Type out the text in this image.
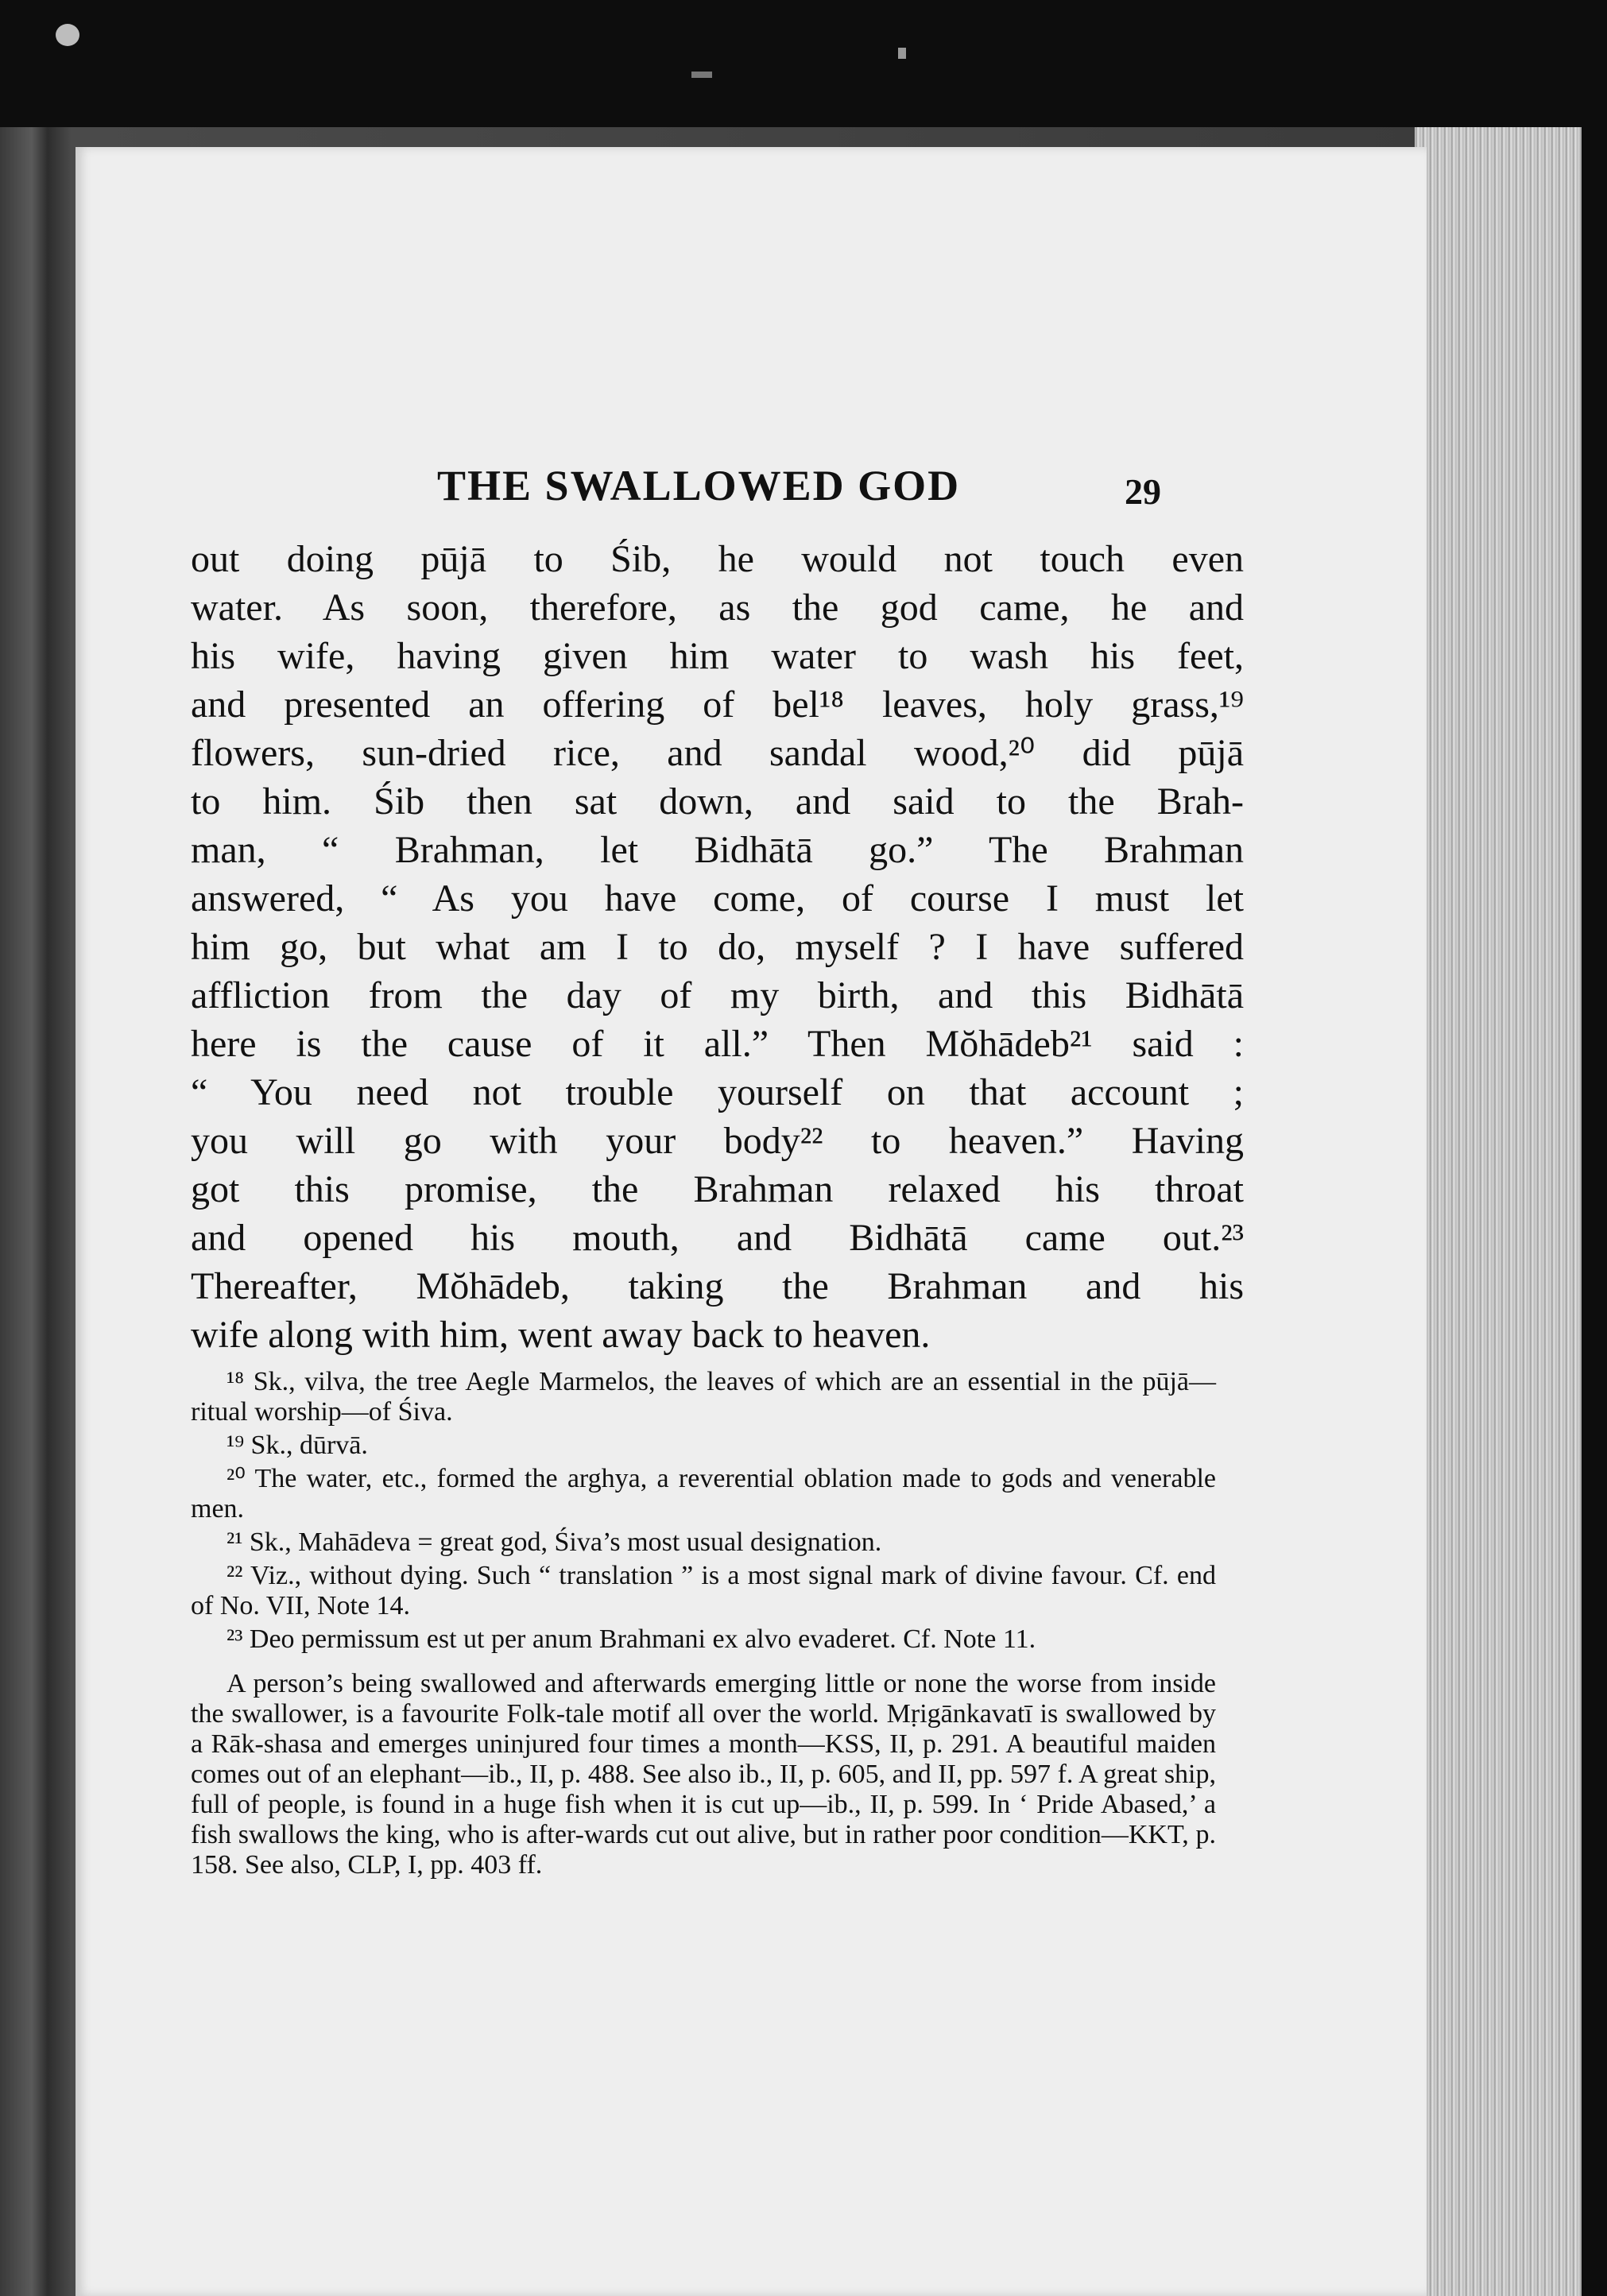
THE SWALLOWED GOD	29
out doing pūjā to Śib, he would not touch even
water. As soon, therefore, as the god came, he and
his wife, having given him water to wash his feet,
and presented an offering of bel¹⁸ leaves, holy grass,¹⁹
flowers, sun-dried rice, and sandal wood,²⁰ did pūjā
to him. Śib then sat down, and said to the Brah-
man, “ Brahman, let Bidhātā go.” The Brahman
answered, “ As you have come, of course I must let
him go, but what am I to do, myself ? I have suffered
affliction from the day of my birth, and this Bidhātā
here is the cause of it all.” Then Mŏhādeb²¹ said :
“ You need not trouble yourself on that account ;
you will go with your body²² to heaven.” Having
got this promise, the Brahman relaxed his throat
and opened his mouth, and Bidhātā came out.²³
Thereafter, Mŏhādeb, taking the Brahman and his
wife along with him, went away back to heaven.

¹⁸ Sk., vilva, the tree Aegle Marmelos, the leaves of which are an essential in the pūjā—ritual worship—of Śiva.

¹⁹ Sk., dūrvā.

²⁰ The water, etc., formed the arghya, a reverential oblation made to gods and venerable men.

²¹ Sk., Mahādeva = great god, Śiva’s most usual designation.

²² Viz., without dying. Such “ translation ” is a most signal mark of divine favour. Cf. end of No. VII, Note 14.

²³ Deo permissum est ut per anum Brahmani ex alvo evaderet. Cf. Note 11.

A person’s being swallowed and afterwards emerging little or none the worse from inside the swallower, is a favourite Folk-tale motif all over the world. Mṛigānkavatī is swallowed by a Rāk-shasa and emerges uninjured four times a month—KSS, II, p. 291. A beautiful maiden comes out of an elephant—ib., II, p. 488. See also ib., II, p. 605, and II, pp. 597 f. A great ship, full of people, is found in a huge fish when it is cut up—ib., II, p. 599. In ‘ Pride Abased,’ a fish swallows the king, who is after-wards cut out alive, but in rather poor condition—KKT, p. 158. See also, CLP, I, pp. 403 ff.
